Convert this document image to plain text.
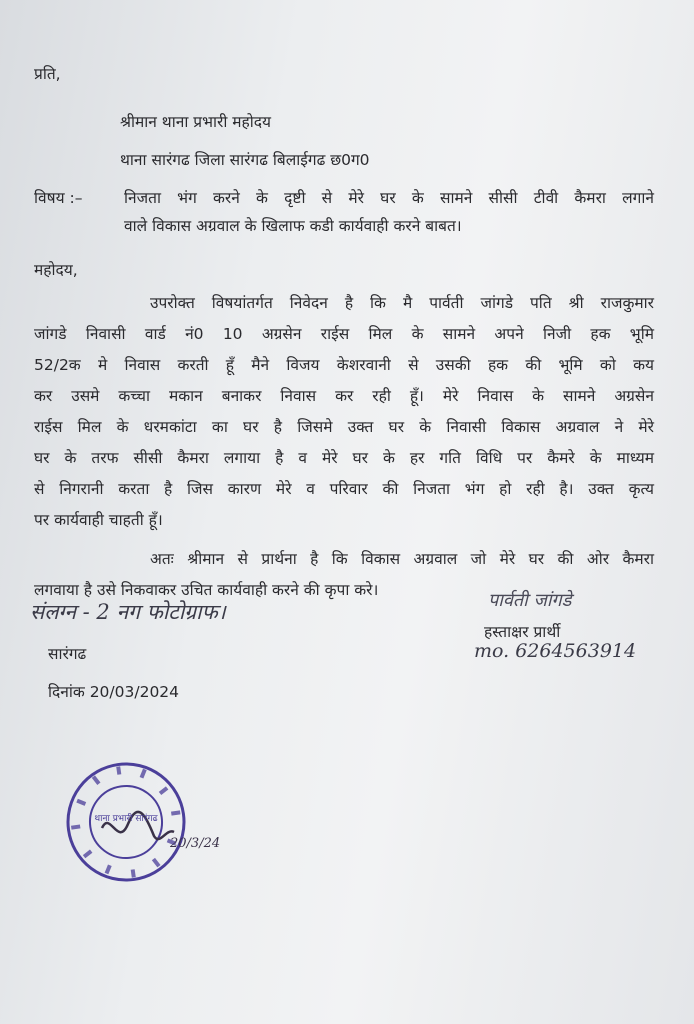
प्रति,
श्रीमान थाना प्रभारी महोदय
थाना सारंगढ जिला सारंगढ बिलाईगढ छ0ग0
विषय :–	निजता भंग करने के दृष्टी से मेरे घर के सामने सीसी टीवी कैमरा लगाने
वाले विकास अग्रवाल के खिलाफ कडी कार्यवाही करने बाबत।
महोदय,
उपरोक्त विषयांतर्गत निवेदन है कि मै पार्वती जांगडे पति श्री राजकुमार
जांगडे निवासी वार्ड नं0 10 अग्रसेन राईस मिल के सामने अपने निजी हक भूमि
52/2क मे निवास करती हूँ मैने विजय केशरवानी से उसकी हक की भूमि को कय
कर उसमे कच्चा मकान बनाकर निवास कर रही हूँ। मेरे निवास के सामने अग्रसेन
राईस मिल के धरमकांटा का घर है जिसमे उक्त घर के निवासी विकास अग्रवाल ने मेरे
घर के तरफ सीसी कैमरा लगाया है व मेरे घर के हर गति विधि पर कैमरे के माध्यम
से निगरानी करता है जिस कारण मेरे व परिवार की निजता भंग हो रही है। उक्त कृत्य
पर कार्यवाही चाहती हूँ।
अतः श्रीमान से प्रार्थना है कि विकास अग्रवाल जो मेरे घर की ओर कैमरा
लगवाया है उसे निकवाकर उचित कार्यवाही करने की कृपा करे।
संलग्न - 2 नग फोटोग्राफ।	पार्वती जांगडे
हस्ताक्षर प्रार्थी
mo. 6264563914
सारंगढ
दिनांक 20/03/2024
थाना प्रभारी सारंगढ
20/3/24
